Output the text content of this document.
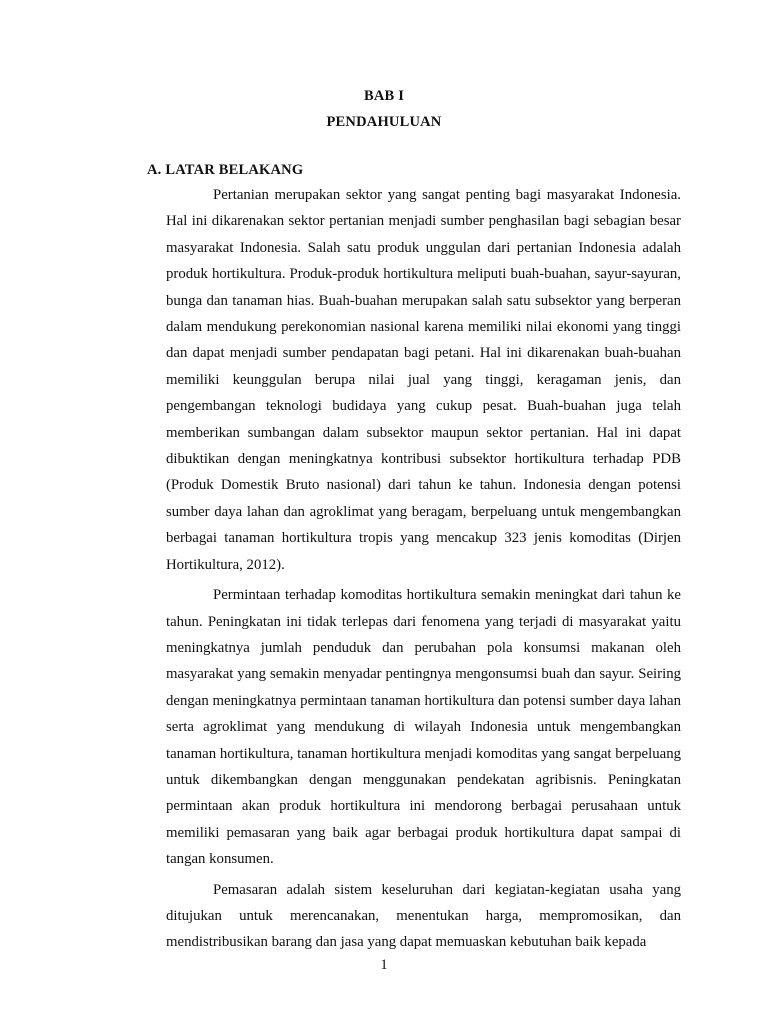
BAB I
PENDAHULUAN
A. LATAR BELAKANG

Pertanian merupakan sektor yang sangat penting bagi masyarakat Indonesia. Hal ini dikarenakan sektor pertanian menjadi sumber penghasilan bagi sebagian besar masyarakat Indonesia. Salah satu produk unggulan dari pertanian Indonesia adalah produk hortikultura. Produk-produk hortikultura meliputi buah-buahan, sayur-sayuran, bunga dan tanaman hias. Buah-buahan merupakan salah satu subsektor yang berperan dalam mendukung perekonomian nasional karena memiliki nilai ekonomi yang tinggi dan dapat menjadi sumber pendapatan bagi petani. Hal ini dikarenakan buah-buahan memiliki keunggulan berupa nilai jual yang tinggi, keragaman jenis, dan pengembangan teknologi budidaya yang cukup pesat. Buah-buahan juga telah memberikan sumbangan dalam subsektor maupun sektor pertanian. Hal ini dapat dibuktikan dengan meningkatnya kontribusi subsektor hortikultura terhadap PDB (Produk Domestik Bruto nasional) dari tahun ke tahun. Indonesia dengan potensi sumber daya lahan dan agroklimat yang beragam, berpeluang untuk mengembangkan berbagai tanaman hortikultura tropis yang mencakup 323 jenis komoditas (Dirjen Hortikultura, 2012).

Permintaan terhadap komoditas hortikultura semakin meningkat dari tahun ke tahun. Peningkatan ini tidak terlepas dari fenomena yang terjadi di masyarakat yaitu meningkatnya jumlah penduduk dan perubahan pola konsumsi makanan oleh masyarakat yang semakin menyadar pentingnya mengonsumsi buah dan sayur. Seiring dengan meningkatnya permintaan tanaman hortikultura dan potensi sumber daya lahan serta agroklimat yang mendukung di wilayah Indonesia untuk mengembangkan tanaman hortikultura, tanaman hortikultura menjadi komoditas yang sangat berpeluang untuk dikembangkan dengan menggunakan pendekatan agribisnis. Peningkatan permintaan akan produk hortikultura ini mendorong berbagai perusahaan untuk memiliki pemasaran yang baik agar berbagai produk hortikultura dapat sampai di tangan konsumen.

Pemasaran adalah sistem keseluruhan dari kegiatan-kegiatan usaha yang ditujukan untuk merencanakan, menentukan harga, mempromosikan, dan mendistribusikan barang dan jasa yang dapat memuaskan kebutuhan baik kepada

1
